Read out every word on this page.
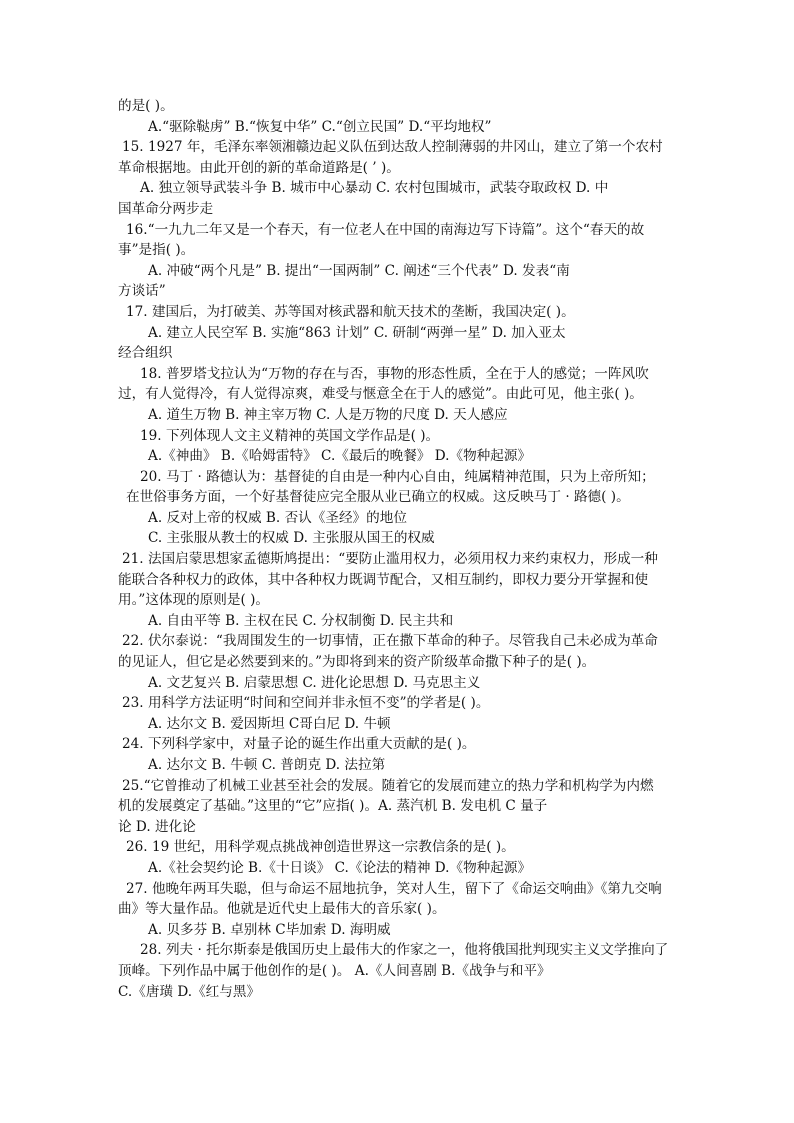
的是( )。
A.“驱除鞑虏” B.“恢复中华” C.“创立民国” D.“平均地权”
15. 1927 年，毛泽东率领湘赣边起义队伍到达敌人控制薄弱的井冈山，建立了第一个农村
革命根据地。由此开创的新的革命道路是( ’ )。
A. 独立领导武装斗争 B. 城市中心暴动 C. 农村包围城市，武装夺取政权 D. 中
国革命分两步走
16.“一九九二年又是一个春天，有一位老人在中国的南海边写下诗篇”。这个“春天的故
事”是指( )。
A. 冲破“两个凡是” B. 提出“一国两制” C. 阐述“三个代表” D. 发表“南
方谈话”
17. 建国后，为打破美、苏等国对核武器和航天技术的垄断，我国决定( )。
A. 建立人民空军 B. 实施“863 计划” C. 研制“两弹一星” D. 加入亚太
经合组织
18. 普罗塔戈拉认为“万物的存在与否，事物的形态性质，全在于人的感觉；一阵风吹
过，有人觉得冷，有人觉得凉爽，难受与惬意全在于人的感觉”。由此可见，他主张( )。
A. 道生万物 B. 神主宰万物 C. 人是万物的尺度 D. 天人感应
19. 下列体现人文主义精神的英国文学作品是( )。
A.《神曲》 B.《哈姆雷特》 C.《最后的晚餐》 D.《物种起源》
20. 马丁 · 路德认为：基督徒的自由是一种内心自由，纯属精神范围，只为上帝所知；
在世俗事务方面，一个好基督徒应完全服从业已确立的权威。这反映马丁 · 路德( )。
A. 反对上帝的权威 B. 否认《圣经》的地位
C. 主张服从教士的权威 D. 主张服从国王的权威
21. 法国启蒙思想家孟德斯鸠提出：“要防止滥用权力，必须用权力来约束权力，形成一种
能联合各种权力的政体，其中各种权力既调节配合，又相互制约，即权力要分开掌握和使
用。”这体现的原则是( )。
A. 自由平等 B. 主权在民 C. 分权制衡 D. 民主共和
22. 伏尔泰说：“我周围发生的一切事情，正在撒下革命的种子。尽管我自己未必成为革命
的见证人，但它是必然要到来的。”为即将到来的资产阶级革命撒下种子的是( )。
A. 文艺复兴 B. 启蒙思想 C. 进化论思想 D. 马克思主义
23. 用科学方法证明“时间和空间并非永恒不变”的学者是( )。
A. 达尔文 B. 爱因斯坦 C哥白尼 D. 牛顿
24. 下列科学家中，对量子论的诞生作出重大贡献的是( )。
A. 达尔文 B. 牛顿 C. 普朗克 D. 法拉第
25.“它曾推动了机械工业甚至社会的发展。随着它的发展而建立的热力学和机构学为内燃
机的发展奠定了基础。”这里的“它”应指( )。A. 蒸汽机 B. 发电机 C 量子
论 D. 进化论
26. 19 世纪，用科学观点挑战神创造世界这一宗教信条的是( )。
A.《社会契约论 B.《十日谈》 C.《论法的精神 D.《物种起源》
27. 他晚年两耳失聪，但与命运不屈地抗争，笑对人生，留下了《命运交响曲》《第九交响
曲》等大量作品。他就是近代史上最伟大的音乐家( )。
A. 贝多芬 B. 卓别林 C毕加索 D. 海明威
28. 列夫 · 托尔斯泰是俄国历史上最伟大的作家之一，他将俄国批判现实主义文学推向了
顶峰。下列作品中属于他创作的是( )。 A.《人间喜剧 B.《战争与和平》
C.《唐璜 D.《红与黑》
